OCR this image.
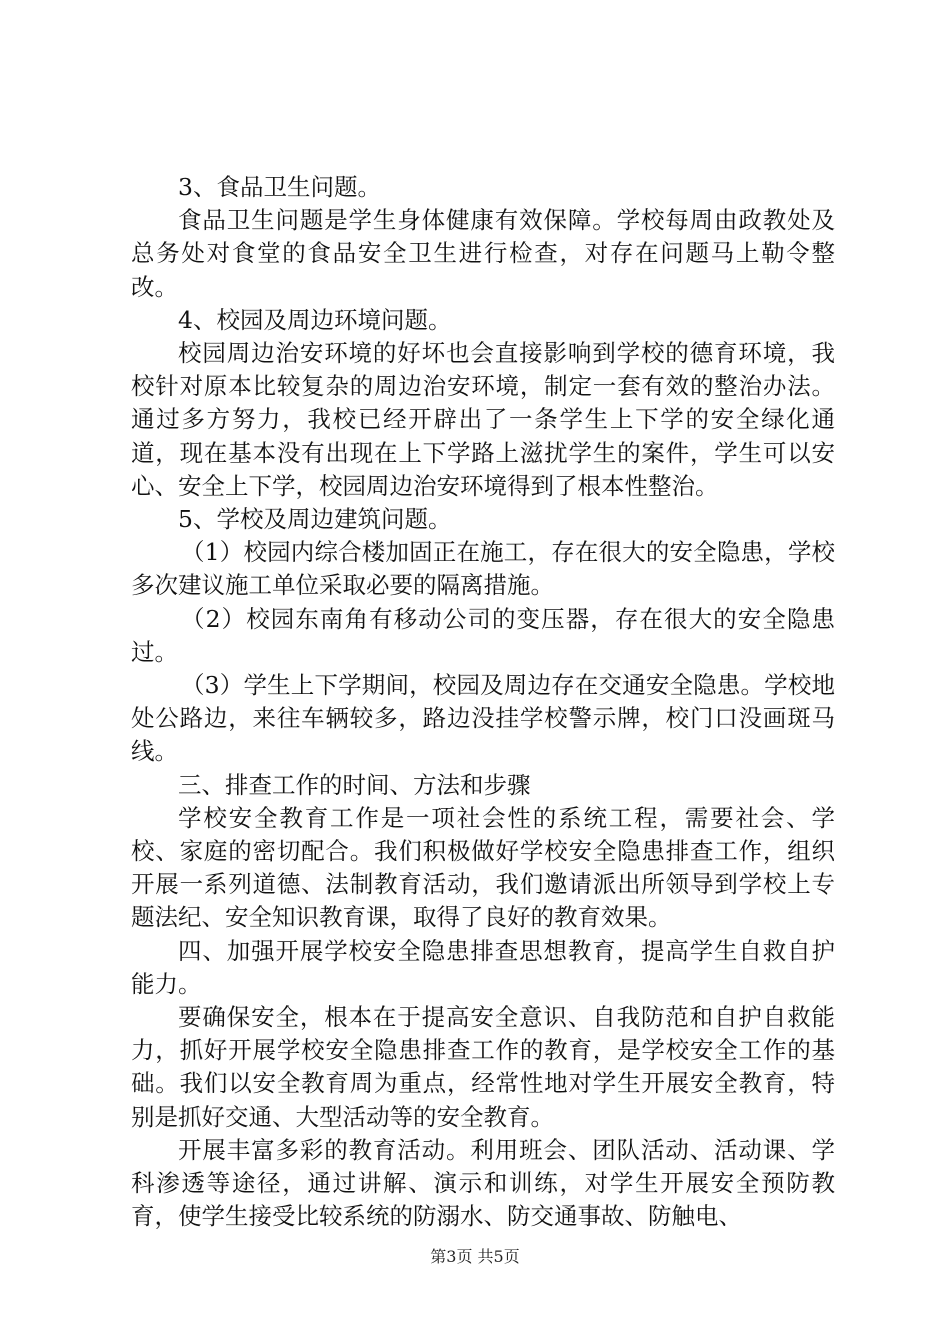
3、食品卫生问题。

食品卫生问题是学生身体健康有效保障。学校每周由政教处及总务处对食堂的食品安全卫生进行检查，对存在问题马上勒令整改。

4、校园及周边环境问题。

校园周边治安环境的好坏也会直接影响到学校的德育环境，我校针对原本比较复杂的周边治安环境，制定一套有效的整治办法。通过多方努力，我校已经开辟出了一条学生上下学的安全绿化通道，现在基本没有出现在上下学路上滋扰学生的案件，学生可以安心、安全上下学，校园周边治安环境得到了根本性整治。

5、学校及周边建筑问题。

（1）校园内综合楼加固正在施工，存在很大的安全隐患，学校多次建议施工单位采取必要的隔离措施。

（2）校园东南角有移动公司的变压器，存在很大的安全隐患过。

（3）学生上下学期间，校园及周边存在交通安全隐患。学校地处公路边，来往车辆较多，路边没挂学校警示牌，校门口没画斑马线。

三、排查工作的时间、方法和步骤

学校安全教育工作是一项社会性的系统工程，需要社会、学校、家庭的密切配合。我们积极做好学校安全隐患排查工作，组织开展一系列道德、法制教育活动，我们邀请派出所领导到学校上专题法纪、安全知识教育课，取得了良好的教育效果。

四、加强开展学校安全隐患排查思想教育，提高学生自救自护能力。

要确保安全，根本在于提高安全意识、自我防范和自护自救能力，抓好开展学校安全隐患排查工作的教育，是学校安全工作的基础。我们以安全教育周为重点，经常性地对学生开展安全教育，特别是抓好交通、大型活动等的安全教育。

开展丰富多彩的教育活动。利用班会、团队活动、活动课、学科渗透等途径，通过讲解、演示和训练，对学生开展安全预防教育，使学生接受比较系统的防溺水、防交通事故、防触电、

第3页 共5页
